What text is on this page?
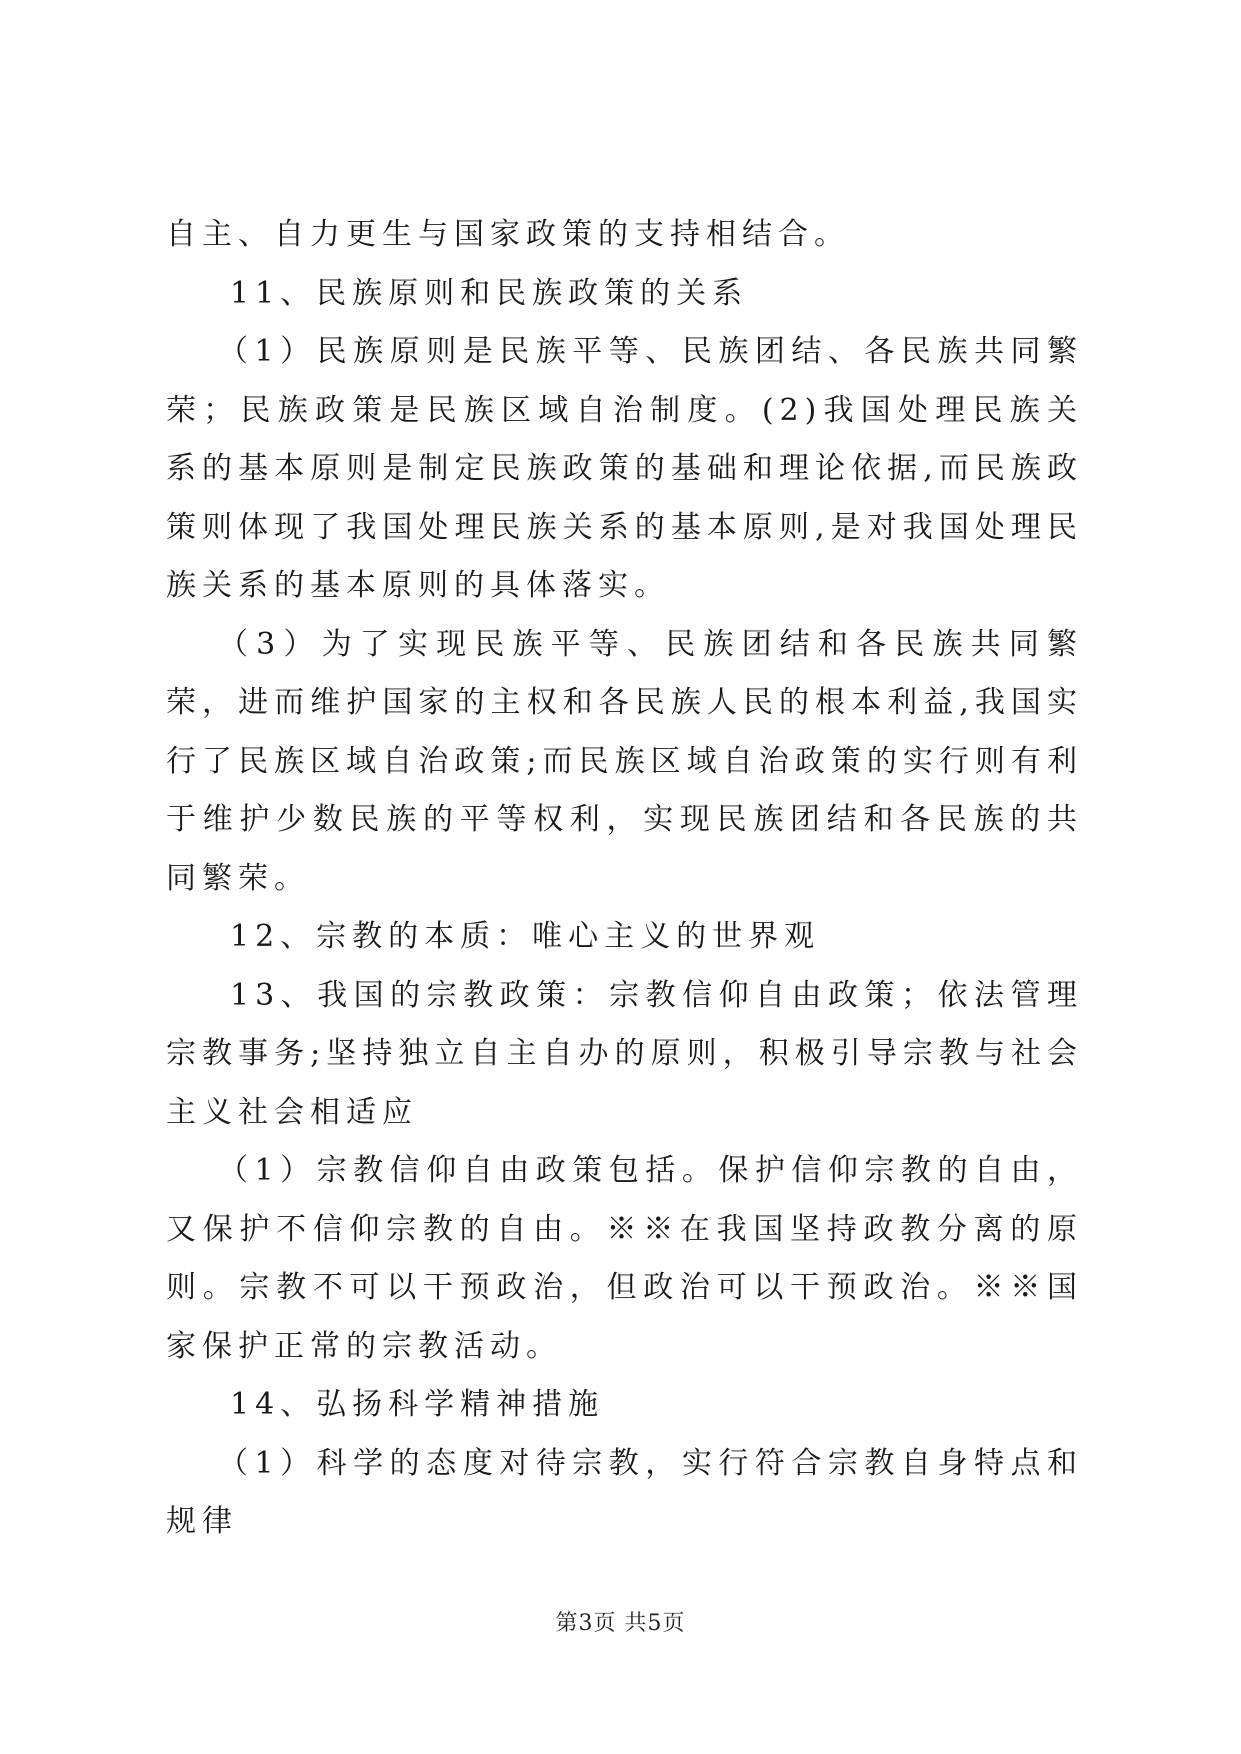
自主、自力更生与国家政策的支持相结合。

11、民族原则和民族政策的关系

（1）民族原则是民族平等、民族团结、各民族共同繁荣；民族政策是民族区域自治制度。(2)我国处理民族关系的基本原则是制定民族政策的基础和理论依据,而民族政策则体现了我国处理民族关系的基本原则,是对我国处理民族关系的基本原则的具体落实。

（3）为了实现民族平等、民族团结和各民族共同繁荣，进而维护国家的主权和各民族人民的根本利益,我国实行了民族区域自治政策;而民族区域自治政策的实行则有利于维护少数民族的平等权利，实现民族团结和各民族的共同繁荣。

12、宗教的本质：唯心主义的世界观

13、我国的宗教政策：宗教信仰自由政策；依法管理宗教事务;坚持独立自主自办的原则，积极引导宗教与社会主义社会相适应

（1）宗教信仰自由政策包括。保护信仰宗教的自由，又保护不信仰宗教的自由。※※在我国坚持政教分离的原则。宗教不可以干预政治，但政治可以干预政治。※※国家保护正常的宗教活动。

14、弘扬科学精神措施

（1）科学的态度对待宗教，实行符合宗教自身特点和规律

第3页 共5页
